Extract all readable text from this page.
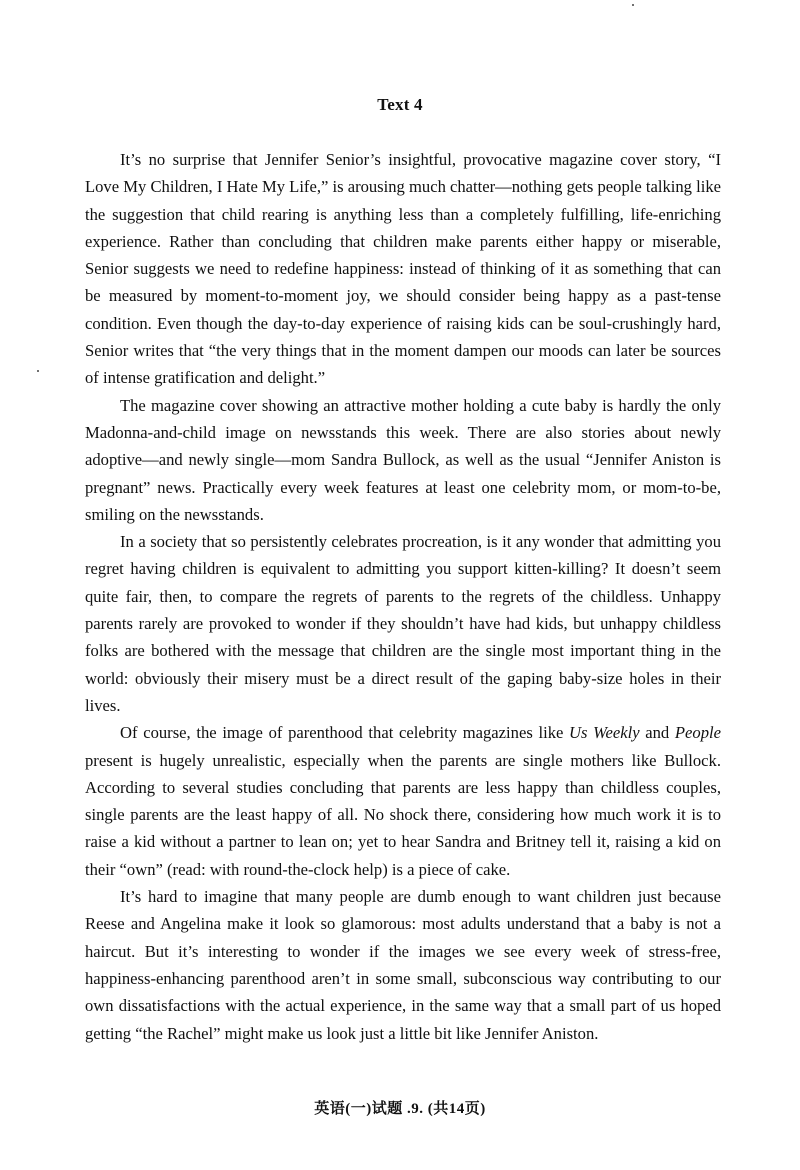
Text 4

It’s no surprise that Jennifer Senior’s insightful, provocative magazine cover story, “I Love My Children, I Hate My Life,” is arousing much chatter—nothing gets people talking like the suggestion that child rearing is anything less than a completely fulfilling, life-enriching experience. Rather than concluding that children make parents either happy or miserable, Senior suggests we need to redefine happiness: instead of thinking of it as something that can be measured by moment-to-moment joy, we should consider being happy as a past-tense condition. Even though the day-to-day experience of raising kids can be soul-crushingly hard, Senior writes that “the very things that in the moment dampen our moods can later be sources of intense gratification and delight.”

The magazine cover showing an attractive mother holding a cute baby is hardly the only Madonna-and-child image on newsstands this week. There are also stories about newly adoptive—and newly single—mom Sandra Bullock, as well as the usual “Jennifer Aniston is pregnant” news. Practically every week features at least one celebrity mom, or mom-to-be, smiling on the newsstands.

In a society that so persistently celebrates procreation, is it any wonder that admitting you regret having children is equivalent to admitting you support kitten-killing? It doesn’t seem quite fair, then, to compare the regrets of parents to the regrets of the childless. Unhappy parents rarely are provoked to wonder if they shouldn’t have had kids, but unhappy childless folks are bothered with the message that children are the single most important thing in the world: obviously their misery must be a direct result of the gaping baby-size holes in their lives.

Of course, the image of parenthood that celebrity magazines like Us Weekly and People present is hugely unrealistic, especially when the parents are single mothers like Bullock. According to several studies concluding that parents are less happy than childless couples, single parents are the least happy of all. No shock there, considering how much work it is to raise a kid without a partner to lean on; yet to hear Sandra and Britney tell it, raising a kid on their “own” (read: with round-the-clock help) is a piece of cake.

It’s hard to imagine that many people are dumb enough to want children just because Reese and Angelina make it look so glamorous: most adults understand that a baby is not a haircut. But it’s interesting to wonder if the images we see every week of stress-free, happiness-enhancing parenthood aren’t in some small, subconscious way contributing to our own dissatisfactions with the actual experience, in the same way that a small part of us hoped getting “the Rachel” might make us look just a little bit like Jennifer Aniston.

英语(一)试题 .9. (共14页)
